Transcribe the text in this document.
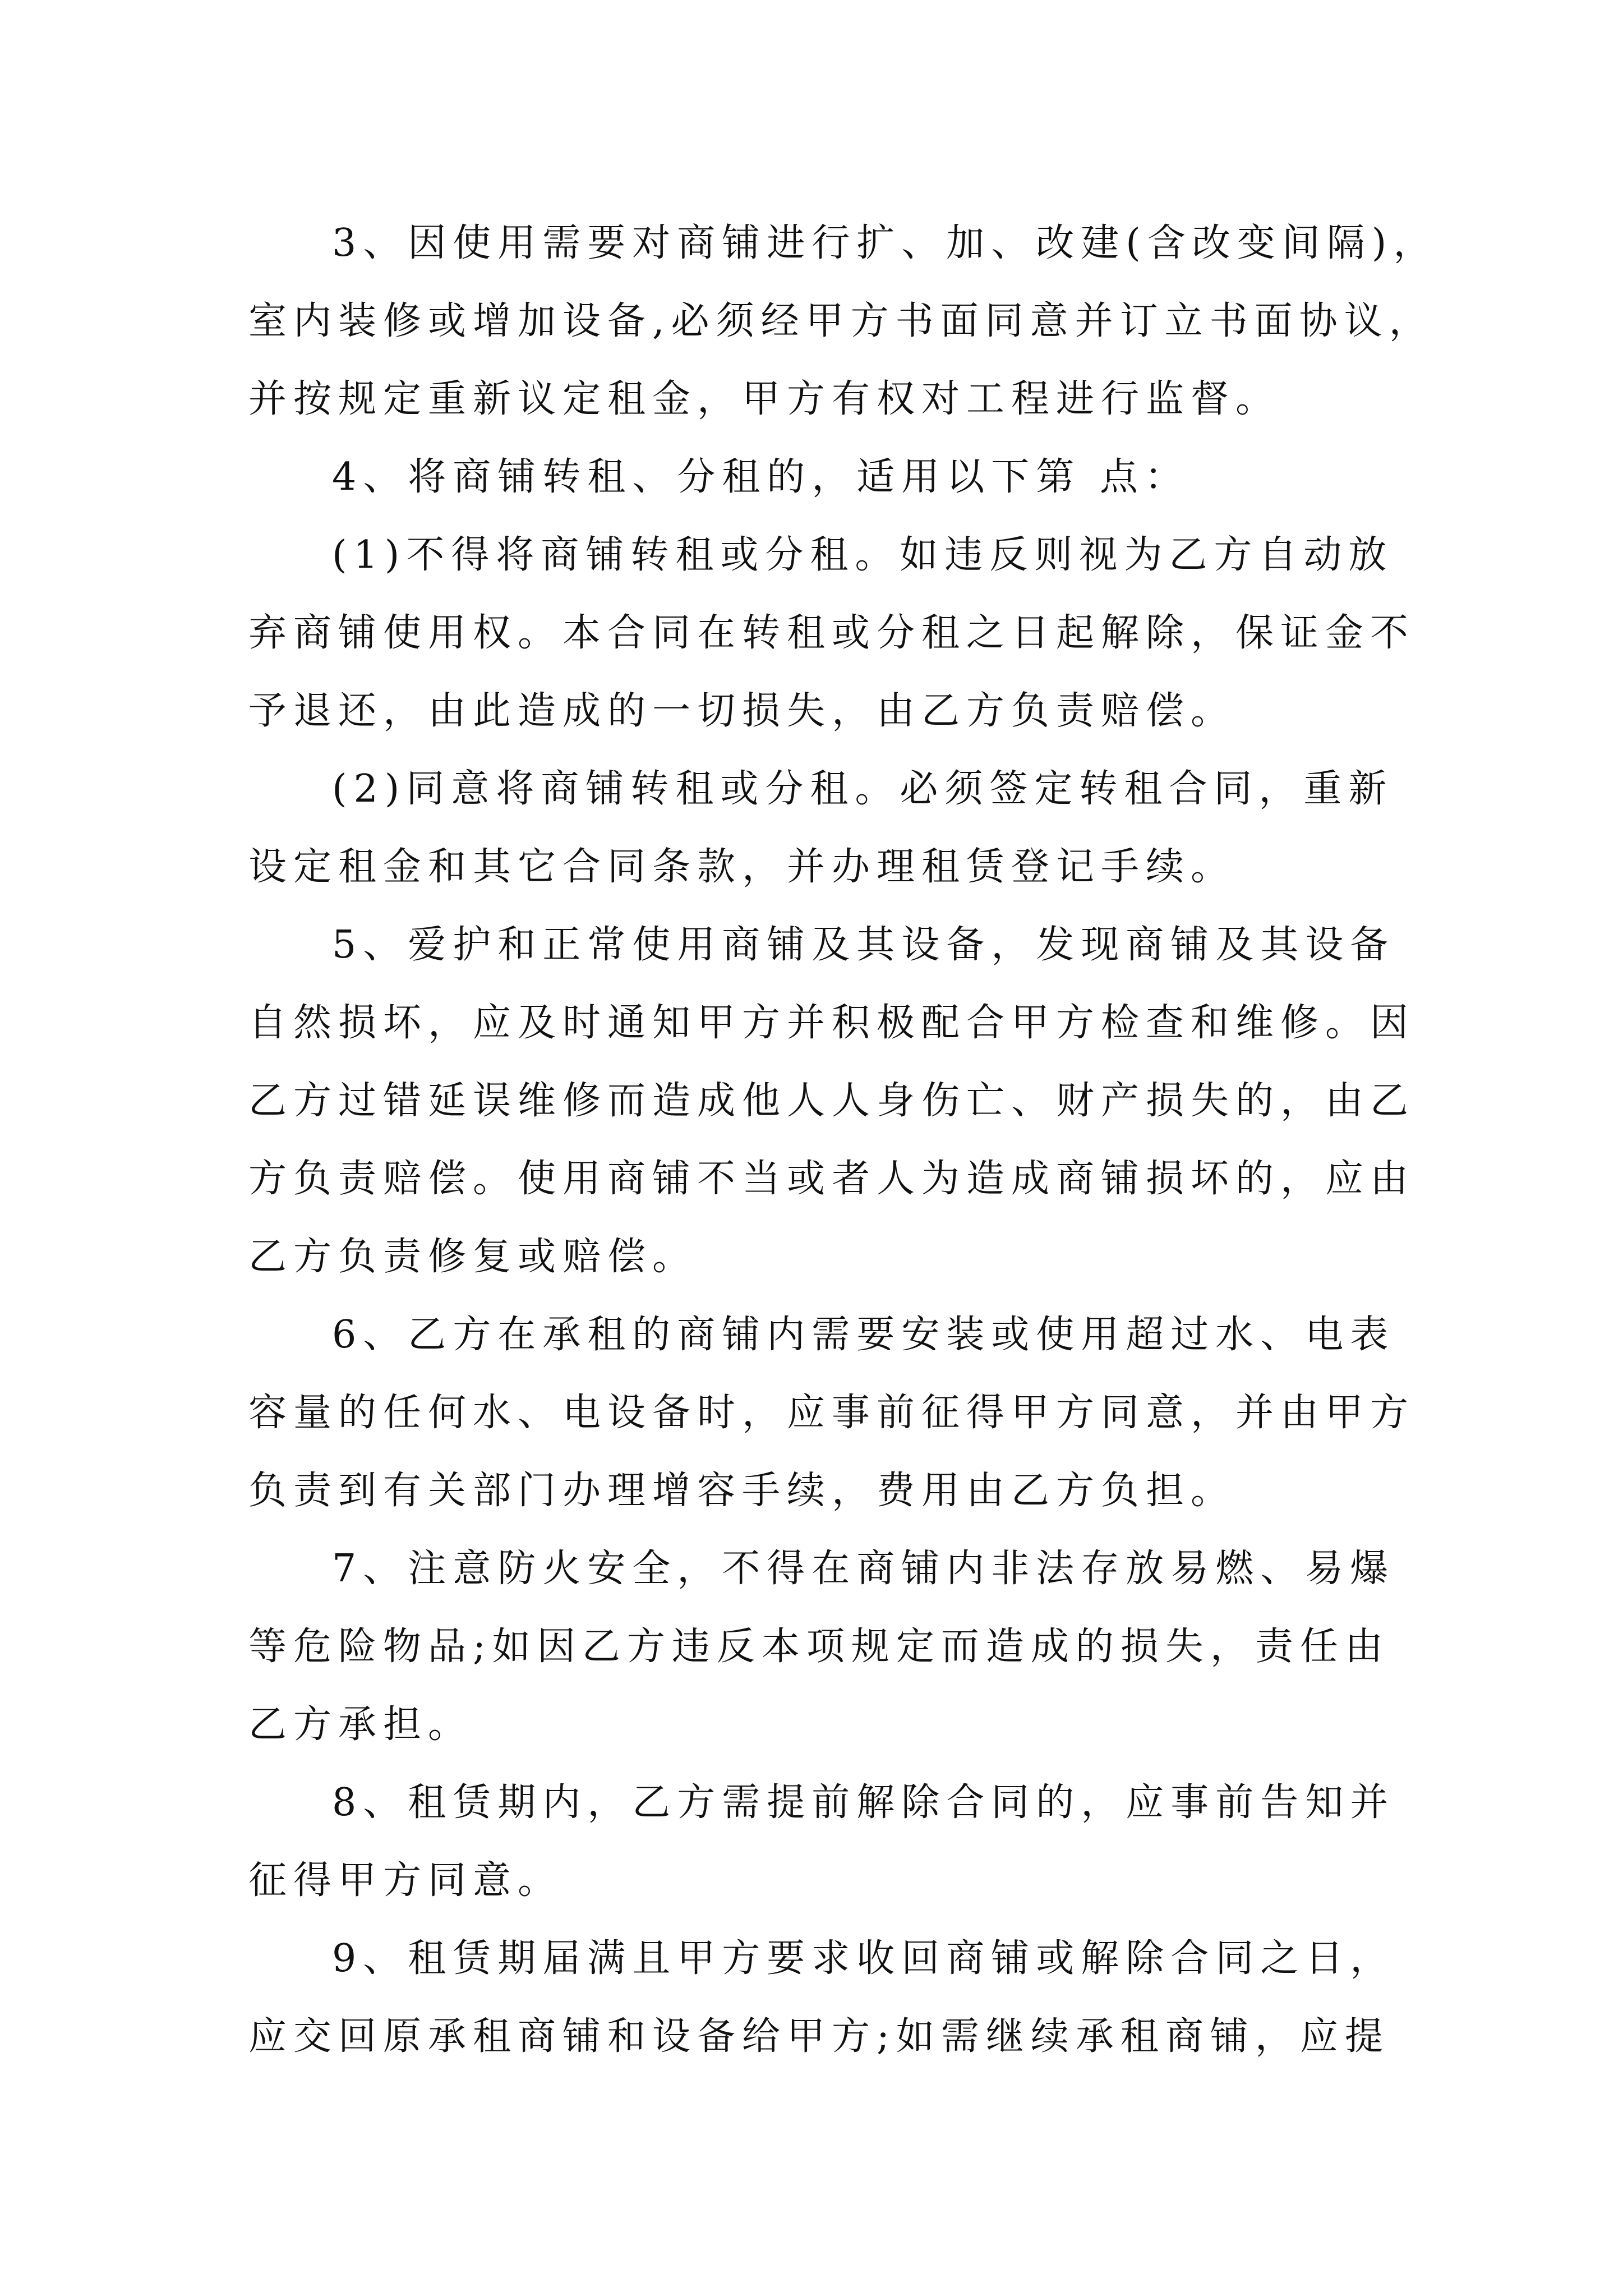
3、因使用需要对商铺进行扩、加、改建(含改变间隔)，
室内装修或增加设备,必须经甲方书面同意并订立书面协议，
并按规定重新议定租金，甲方有权对工程进行监督。
4、将商铺转租、分租的，适用以下第 点：
(1)不得将商铺转租或分租。如违反则视为乙方自动放
弃商铺使用权。本合同在转租或分租之日起解除，保证金不
予退还，由此造成的一切损失，由乙方负责赔偿。
(2)同意将商铺转租或分租。必须签定转租合同，重新
设定租金和其它合同条款，并办理租赁登记手续。
5、爱护和正常使用商铺及其设备，发现商铺及其设备
自然损坏，应及时通知甲方并积极配合甲方检查和维修。因
乙方过错延误维修而造成他人人身伤亡、财产损失的，由乙
方负责赔偿。使用商铺不当或者人为造成商铺损坏的，应由
乙方负责修复或赔偿。
6、乙方在承租的商铺内需要安装或使用超过水、电表
容量的任何水、电设备时，应事前征得甲方同意，并由甲方
负责到有关部门办理增容手续，费用由乙方负担。
7、注意防火安全，不得在商铺内非法存放易燃、易爆
等危险物品;如因乙方违反本项规定而造成的损失，责任由
乙方承担。
8、租赁期内，乙方需提前解除合同的，应事前告知并
征得甲方同意。
9、租赁期届满且甲方要求收回商铺或解除合同之日，
应交回原承租商铺和设备给甲方;如需继续承租商铺，应提
